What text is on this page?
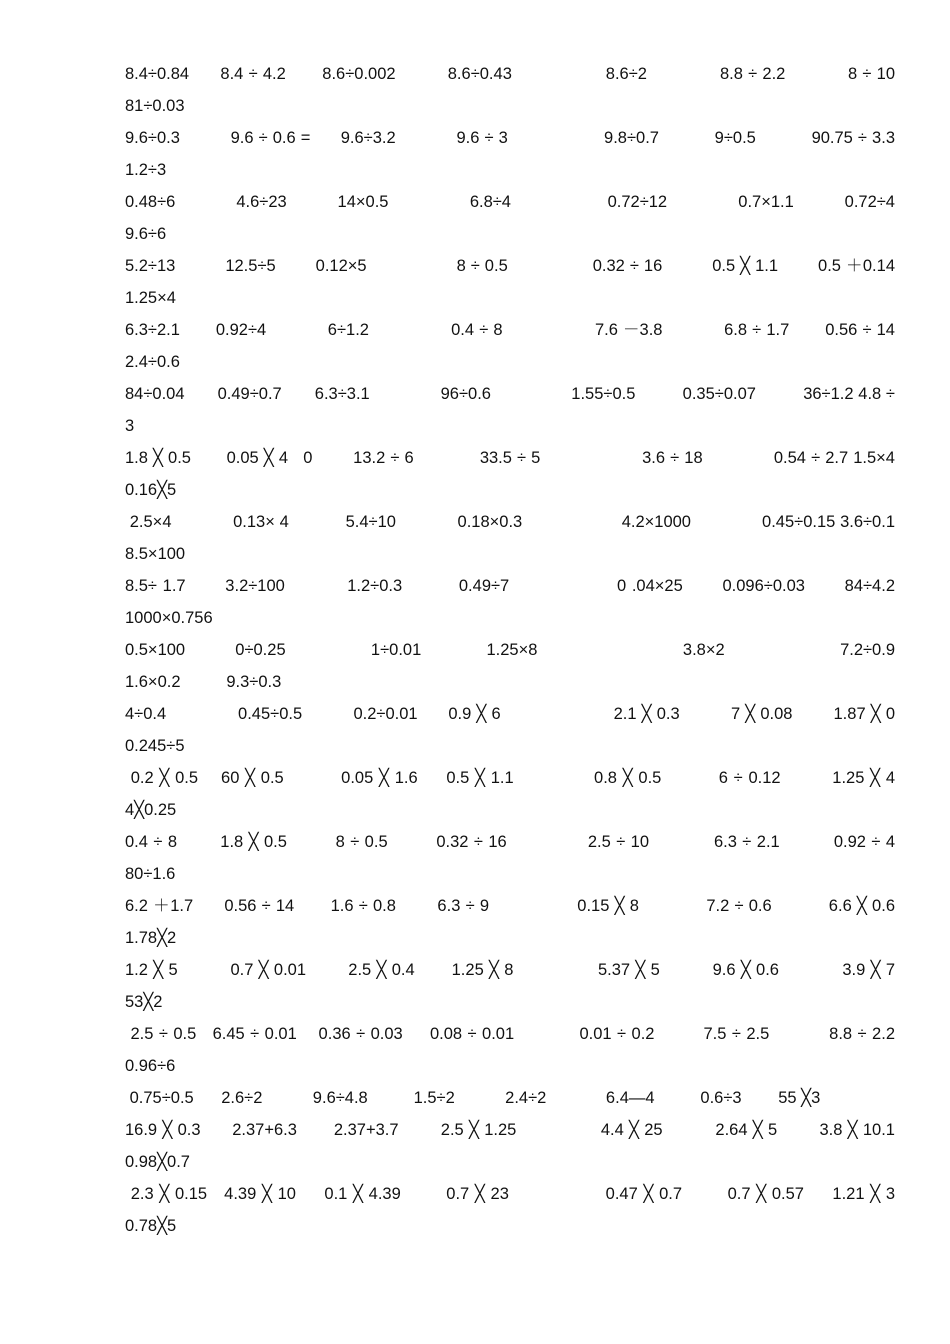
8.4÷0.84      8.4 ÷ 4.2       8.6÷0.002          8.6÷0.43                  8.6÷2              8.8 ÷ 2.2            8 ÷ 10            81÷0.03
9.6÷0.3          9.6 ÷ 0.6 =      9.6÷3.2            9.6 ÷ 3                   9.8÷0.7           9÷0.5           90.75 ÷ 3.3 1.2÷3
0.48÷6            4.6÷23          14×0.5                6.8÷4                   0.72÷12              0.7×1.1          0.72÷4 9.6÷6
5.2÷13          12.5÷5        0.12×5                  8 ÷ 0.5                 0.32 ÷ 16          0.5 ╳ 1.1        0.5 ＋0.14 1.25×4
6.3÷2.1       0.92÷4            6÷1.2                0.4 ÷ 8                  7.6 －3.8            6.8 ÷ 1.7       0.56 ÷ 14 2.4÷0.6
84÷0.04       0.49÷0.7       6.3÷3.1               96÷0.6                 1.55÷0.5          0.35÷0.07          36÷1.2 4.8 ÷ 3
1.8 ╳ 0.5       0.05 ╳ 4   0        13.2 ÷ 6             33.5 ÷ 5                    3.6 ÷ 18              0.54 ÷ 2.7 1.5×4      0.16╳5
2.5×4             0.13× 4            5.4÷10             0.18×0.3                     4.2×1000               0.45÷0.15 3.6÷0.1       8.5×100
8.5÷ 1.7       3.2÷100           1.2÷0.3          0.49÷7                   0 .04×25       0.096÷0.03       84÷4.2 1000×0.756
0.5×100          0÷0.25                 1÷0.01             1.25×8                             3.8×2                       7.2÷0.9 1.6×0.2          9.3÷0.3
4÷0.4              0.45÷0.5          0.2÷0.01      0.9 ╳ 6                      2.1 ╳ 0.3          7 ╳ 0.08        1.87 ╳ 0          0.245÷5
0.2 ╳ 0.5    60 ╳ 0.5          0.05 ╳ 1.6     0.5 ╳ 1.1              0.8 ╳ 0.5          6 ÷ 0.12         1.25 ╳ 4            4╳0.25
0.4 ÷ 8        1.8 ╳ 0.5         8 ÷ 0.5         0.32 ÷ 16               2.5 ÷ 10            6.3 ÷ 2.1          0.92 ÷ 4          80÷1.6
6.2 ＋1.7      0.56 ÷ 14       1.6 ÷ 0.8        6.3 ÷ 9                 0.15 ╳ 8             7.2 ÷ 0.6           6.6 ╳ 0.6       1.78╳2
1.2 ╳ 5          0.7 ╳ 0.01        2.5 ╳ 0.4       1.25 ╳ 8                5.37 ╳ 5          9.6 ╳ 0.6            3.9 ╳ 7            53╳2
2.5 ÷ 0.5   6.45 ÷ 0.01    0.36 ÷ 0.03     0.08 ÷ 0.01            0.01 ÷ 0.2         7.5 ÷ 2.5           8.8 ÷ 2.2        0.96÷6
0.75÷0.5      2.6÷2           9.6÷4.8          1.5÷2           2.4÷2             6.4—4          0.6÷3        55 ╳3
16.9 ╳ 0.3      2.37+6.3       2.37+3.7        2.5 ╳ 1.25                4.4 ╳ 25          2.64 ╳ 5        3.8 ╳ 10.1       0.98╳0.7
2.3 ╳ 0.15   4.39 ╳ 10     0.1 ╳ 4.39        0.7 ╳ 23                 0.47 ╳ 0.7        0.7 ╳ 0.57     1.21 ╳ 3       0.78╳5
